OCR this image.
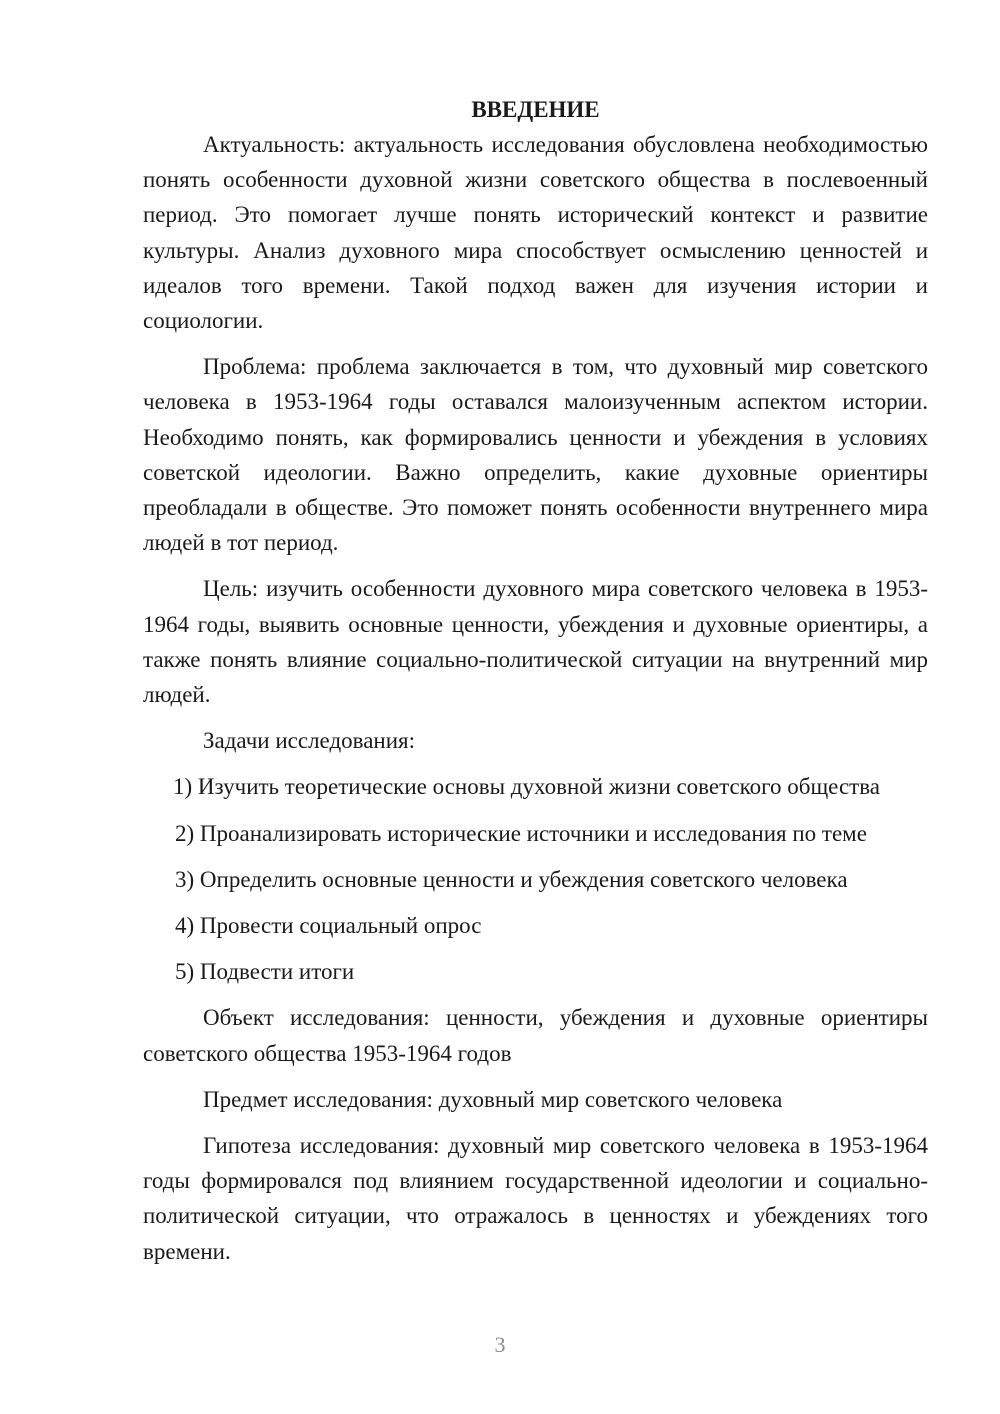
ВВЕДЕНИЕ

Актуальность: актуальность исследования обусловлена необходимостью понять особенности духовной жизни советского общества в послевоенный период. Это помогает лучше понять исторический контекст и развитие культуры. Анализ духовного мира способствует осмыслению ценностей и идеалов того времени. Такой подход важен для изучения истории и социологии.

Проблема: проблема заключается в том, что духовный мир советского человека в 1953-1964 годы оставался малоизученным аспектом истории. Необходимо понять, как формировались ценности и убеждения в условиях советской идеологии. Важно определить, какие духовные ориентиры преобладали в обществе. Это поможет понять особенности внутреннего мира людей в тот период.

Цель: изучить особенности духовного мира советского человека в 1953-1964 годы, выявить основные ценности, убеждения и духовные ориентиры, а также понять влияние социально-политической ситуации на внутренний мир людей.

Задачи исследования:

1) Изучить теоретические основы духовной жизни советского общества

2) Проанализировать исторические источники и исследования по теме

3) Определить основные ценности и убеждения советского человека

4) Провести социальный опрос

5) Подвести итоги

Объект исследования: ценности, убеждения и духовные ориентиры советского общества 1953-1964 годов

Предмет исследования: духовный мир советского человека

Гипотеза исследования: духовный мир советского человека в 1953-1964 годы формировался под влиянием государственной идеологии и социально-политической ситуации, что отражалось в ценностях и убеждениях того времени.

3
